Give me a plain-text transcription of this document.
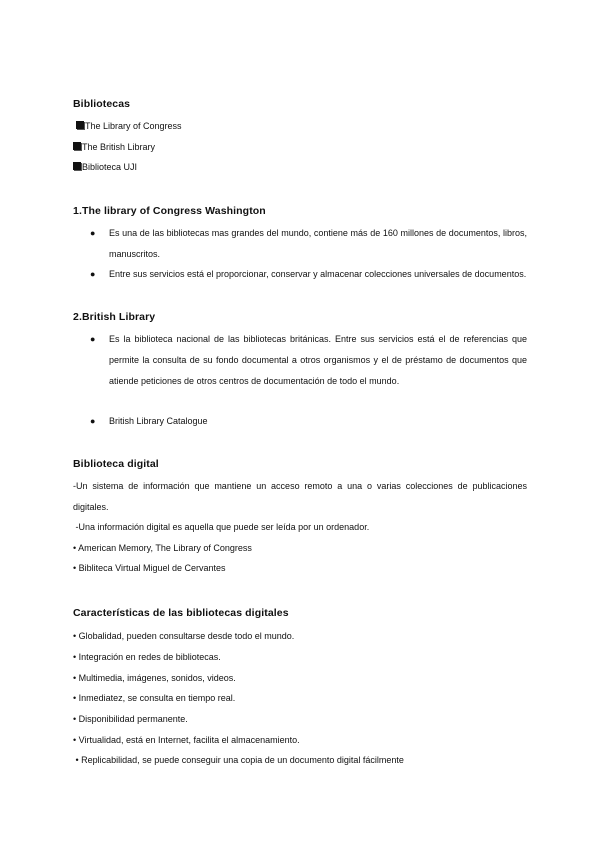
Bibliotecas
The Library of Congress
The British Library
Biblioteca UJI
1.The library of Congress Washington
● Es una de las bibliotecas mas grandes del mundo, contiene más de 160 millones de documentos, libros, manuscritos.
● Entre sus servicios está el proporcionar, conservar y almacenar colecciones universales de documentos.
2.British Library
● Es la biblioteca nacional de las bibliotecas británicas. Entre sus servicios está el de referencias que permite la consulta de su fondo documental a otros organismos y el de préstamo de documentos que atiende peticiones de otros centros de documentación de todo el mundo.
● British Library Catalogue
Biblioteca digital
-Un sistema de información que mantiene un acceso remoto a una o varias colecciones de publicaciones digitales.
-Una información digital es aquella que puede ser leída por un ordenador.
• American Memory, The Library of Congress
• Bibliteca Virtual Miguel de Cervantes
Características de las bibliotecas digitales
• Globalidad, pueden consultarse desde todo el mundo.
• Integración en redes de bibliotecas.
• Multimedia, imágenes, sonidos, videos.
• Inmediatez, se consulta en tiempo real.
• Disponibilidad permanente.
• Virtualidad, está en Internet, facilita el almacenamiento.
• Replicabilidad, se puede conseguir una copia de un documento digital fácilmente
